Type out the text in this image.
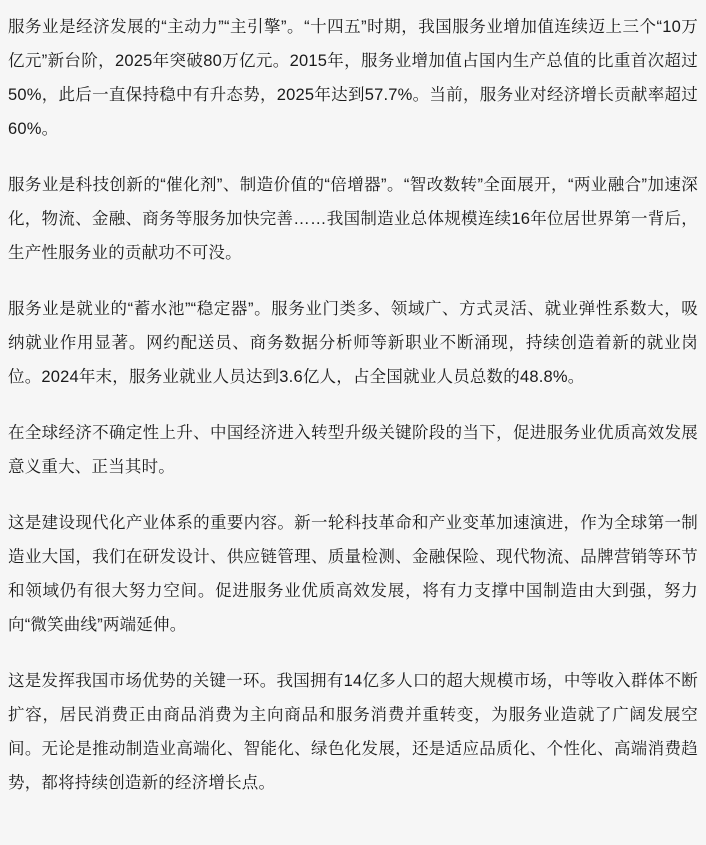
服务业是经济发展的“主动力”“主引擎”。“十四五”时期，我国服务业增加值连续迈上三个“10万亿元”新台阶，2025年突破80万亿元。2015年，服务业增加值占国内生产总值的比重首次超过50%，此后一直保持稳中有升态势，2025年达到57.7%。当前，服务业对经济增长贡献率超过60%。

服务业是科技创新的“催化剂”、制造价值的“倍增器”。“智改数转”全面展开，“两业融合”加速深化，物流、金融、商务等服务加快完善……我国制造业总体规模连续16年位居世界第一背后，生产性服务业的贡献功不可没。

服务业是就业的“蓄水池”“稳定器”。服务业门类多、领域广、方式灵活、就业弹性系数大，吸纳就业作用显著。网约配送员、商务数据分析师等新职业不断涌现，持续创造着新的就业岗位。2024年末，服务业就业人员达到3.6亿人，占全国就业人员总数的48.8%。

在全球经济不确定性上升、中国经济进入转型升级关键阶段的当下，促进服务业优质高效发展意义重大、正当其时。

这是建设现代化产业体系的重要内容。新一轮科技革命和产业变革加速演进，作为全球第一制造业大国，我们在研发设计、供应链管理、质量检测、金融保险、现代物流、品牌营销等环节和领域仍有很大努力空间。促进服务业优质高效发展，将有力支撑中国制造由大到强，努力向“微笑曲线”两端延伸。

这是发挥我国市场优势的关键一环。我国拥有14亿多人口的超大规模市场，中等收入群体不断扩容，居民消费正由商品消费为主向商品和服务消费并重转变，为服务业造就了广阔发展空间。无论是推动制造业高端化、智能化、绿色化发展，还是适应品质化、个性化、高端消费趋势，都将持续创造新的经济增长点。
